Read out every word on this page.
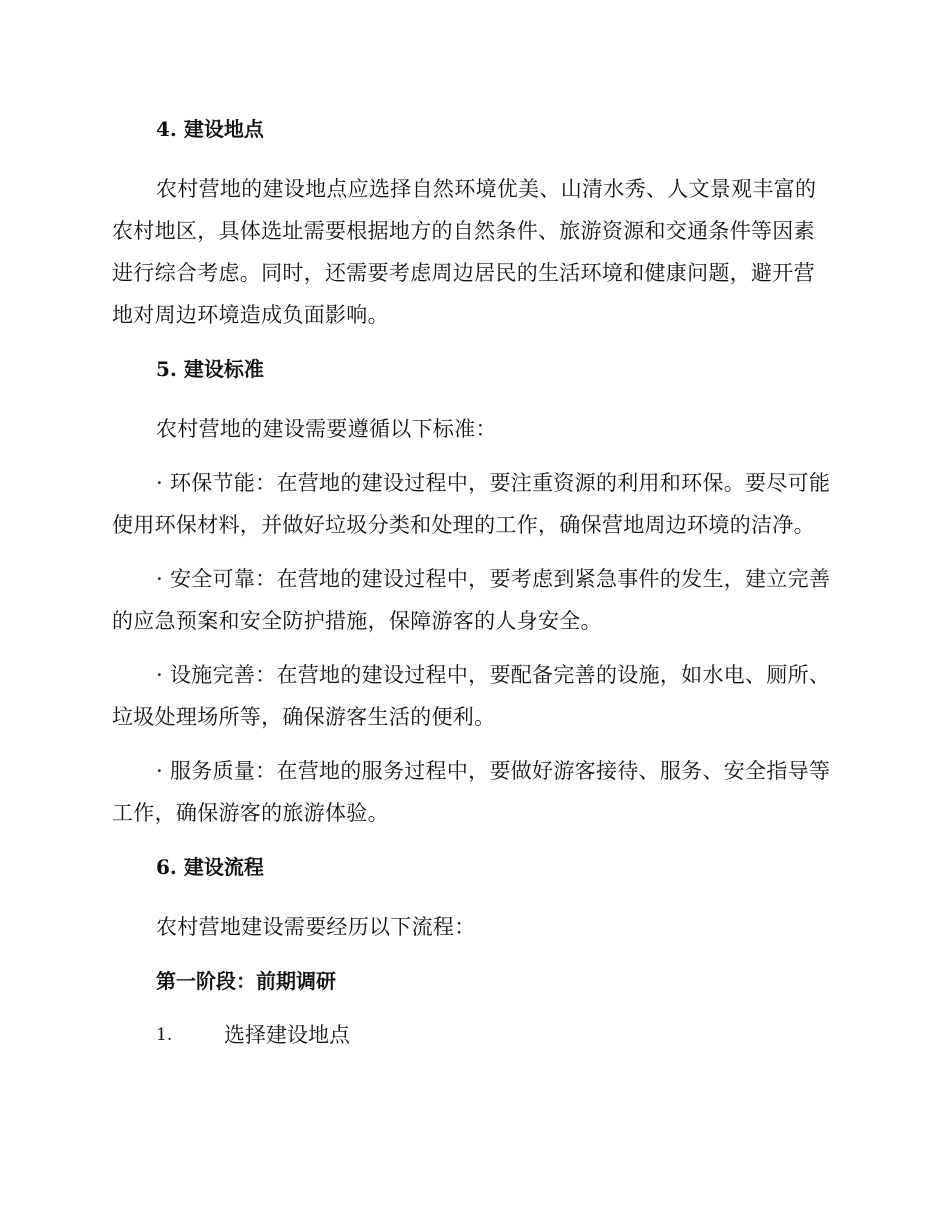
4. 建设地点

农村营地的建设地点应选择自然环境优美、山清水秀、人文景观丰富的农村地区，具体选址需要根据地方的自然条件、旅游资源和交通条件等因素进行综合考虑。同时，还需要考虑周边居民的生活环境和健康问题，避开营地对周边环境造成负面影响。

5. 建设标准

农村营地的建设需要遵循以下标准：

· 环保节能：在营地的建设过程中，要注重资源的利用和环保。要尽可能使用环保材料，并做好垃圾分类和处理的工作，确保营地周边环境的洁净。

· 安全可靠：在营地的建设过程中，要考虑到紧急事件的发生，建立完善的应急预案和安全防护措施，保障游客的人身安全。

· 设施完善：在营地的建设过程中，要配备完善的设施，如水电、厕所、垃圾处理场所等，确保游客生活的便利。

· 服务质量：在营地的服务过程中，要做好游客接待、服务、安全指导等工作，确保游客的旅游体验。

6. 建设流程

农村营地建设需要经历以下流程：

第一阶段：前期调研
1.	选择建设地点
